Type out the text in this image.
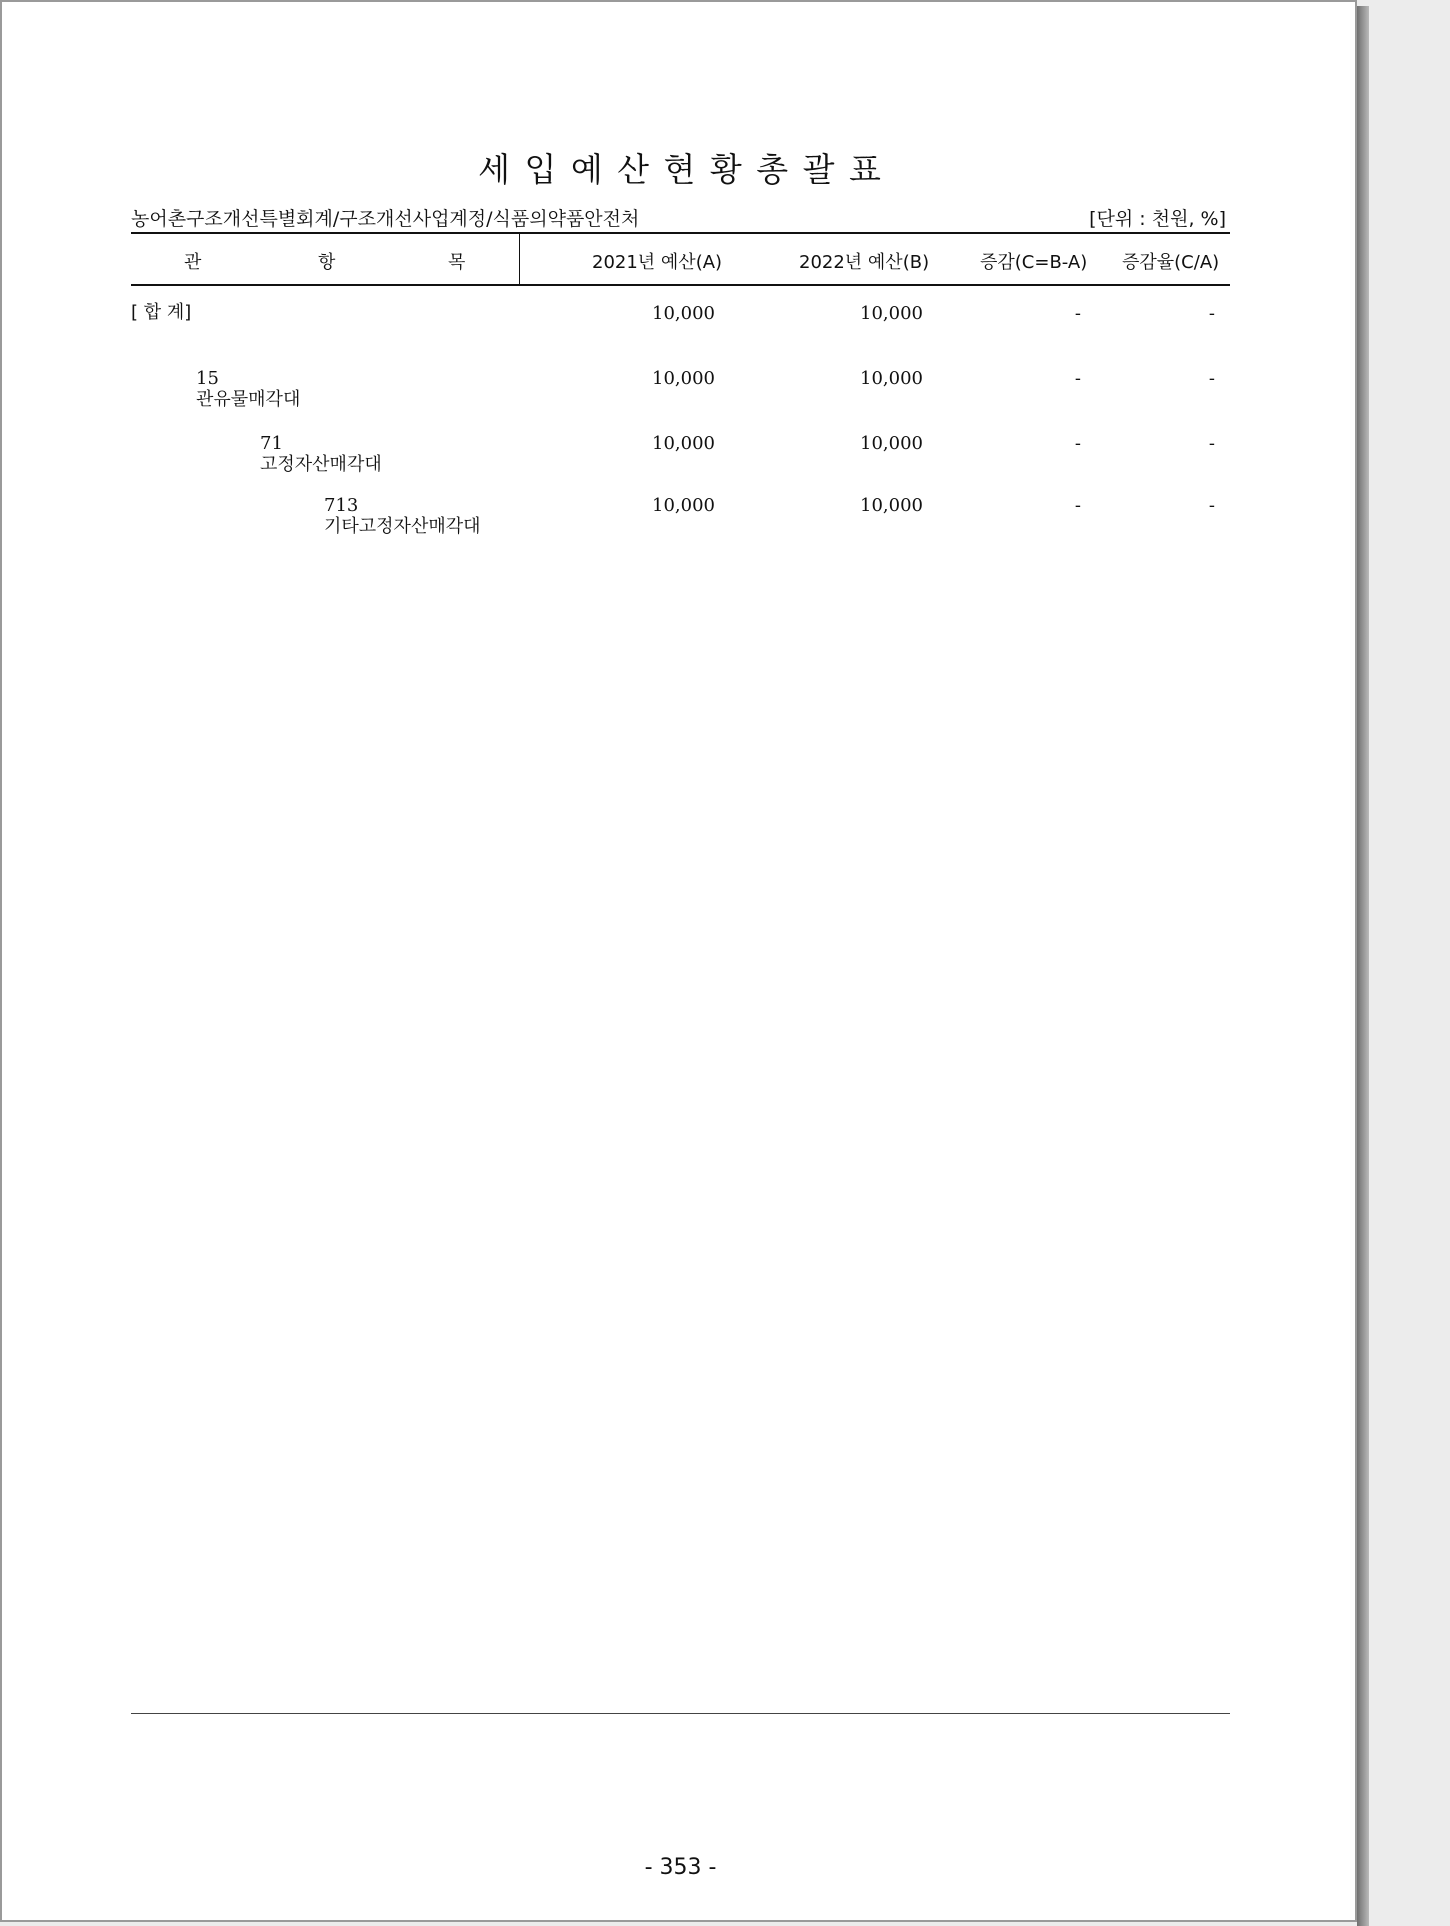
세 입 예 산 현 황 총 괄 표
농어촌구조개선특별회계/구조개선사업계정/식품의약품안전처	[단위 : 천원, %]
관	항	목	2021년 예산(A)	2022년 예산(B)	증감(C=B-A) 증감율(C/A)
[ 합 계]	10,000	10,000	-	-
15
관유물매각대
10,000	10,000	-	-
71
고정자산매각대
10,000	10,000	-	-
713
기타고정자산매각대
10,000	10,000	-	-
- 353 -
